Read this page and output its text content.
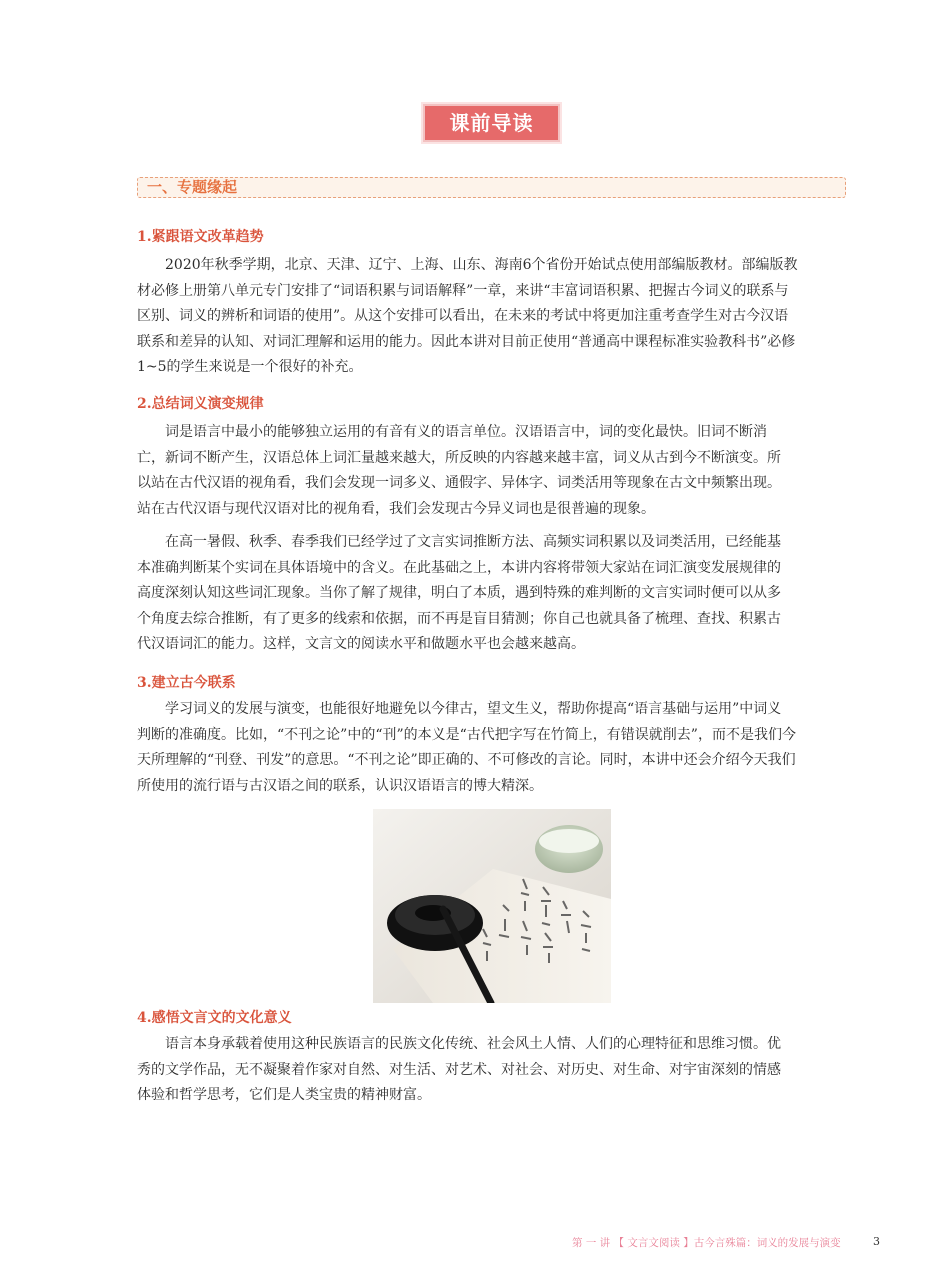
课前导读
一、专题缘起
1.紧跟语文改革趋势
2020年秋季学期，北京、天津、辽宁、上海、山东、海南6个省份开始试点使用部编版教材。部编版教
材必修上册第八单元专门安排了“词语积累与词语解释”一章，来讲“丰富词语积累、把握古今词义的联系与
区别、词义的辨析和词语的使用”。从这个安排可以看出，在未来的考试中将更加注重考查学生对古今汉语
联系和差异的认知、对词汇理解和运用的能力。因此本讲对目前正使用“普通高中课程标准实验教科书”必修
1~5的学生来说是一个很好的补充。
2.总结词义演变规律
词是语言中最小的能够独立运用的有音有义的语言单位。汉语语言中，词的变化最快。旧词不断消
亡，新词不断产生，汉语总体上词汇量越来越大，所反映的内容越来越丰富，词义从古到今不断演变。所
以站在古代汉语的视角看，我们会发现一词多义、通假字、异体字、词类活用等现象在古文中频繁出现。
站在古代汉语与现代汉语对比的视角看，我们会发现古今异义词也是很普遍的现象。
在高一暑假、秋季、春季我们已经学过了文言实词推断方法、高频实词积累以及词类活用，已经能基
本准确判断某个实词在具体语境中的含义。在此基础之上，本讲内容将带领大家站在词汇演变发展规律的
高度深刻认知这些词汇现象。当你了解了规律，明白了本质，遇到特殊的难判断的文言实词时便可以从多
个角度去综合推断，有了更多的线索和依据，而不再是盲目猜测；你自己也就具备了梳理、查找、积累古
代汉语词汇的能力。这样，文言文的阅读水平和做题水平也会越来越高。
3.建立古今联系
学习词义的发展与演变，也能很好地避免以今律古，望文生义，帮助你提高“语言基础与运用”中词义
判断的准确度。比如，“不刊之论”中的“刊”的本义是“古代把字写在竹简上，有错误就削去”，而不是我们今
天所理解的“刊登、刊发”的意思。“不刊之论”即正确的、不可修改的言论。同时，本讲中还会介绍今天我们
所使用的流行语与古汉语之间的联系，认识汉语语言的博大精深。
4.感悟文言文的文化意义
语言本身承载着使用这种民族语言的民族文化传统、社会风土人情、人们的心理特征和思维习惯。优
秀的文学作品，无不凝聚着作家对自然、对生活、对艺术、对社会、对历史、对生命、对宇宙深刻的情感
体验和哲学思考，它们是人类宝贵的精神财富。
第 一 讲 【 文言文阅读 】古今言殊篇：词义的发展与演变	3
